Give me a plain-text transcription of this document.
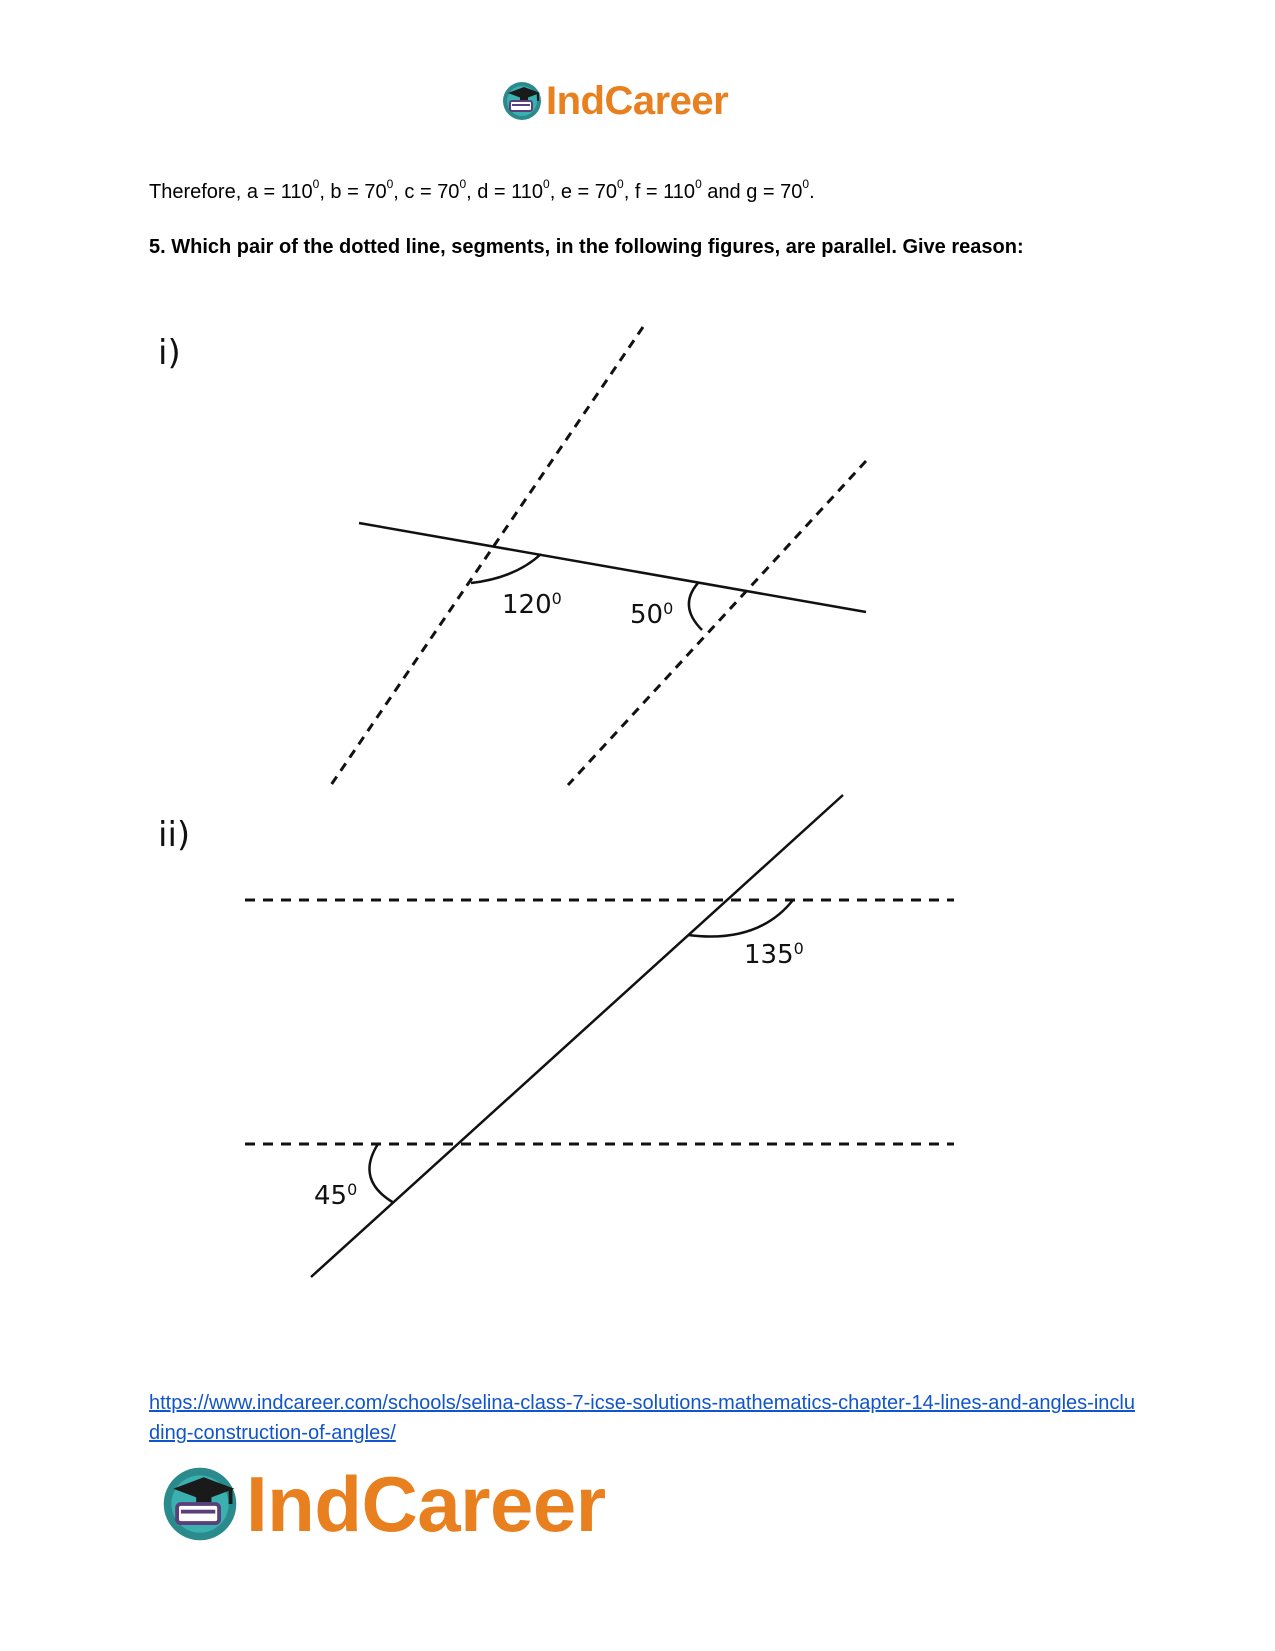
IndCareer
Therefore, $a = 110^0$, $b = 70^0$, $c = 70^0$, $d = 110^0$, $e = 70^0$, $f = 110^0$ and $g = 70^0$.
5. Which pair of the dotted line, segments, in the following figures, are parallel. Give reason:
i)
ii)
$120^0$
$50^0$
$135^0$
$45^0$
https://www.indcareer.com/schools/selina-class-7-icse-solutions-mathematics-chapter-14-lines-and-angles-including-construction-of-angles/
IndCareer
